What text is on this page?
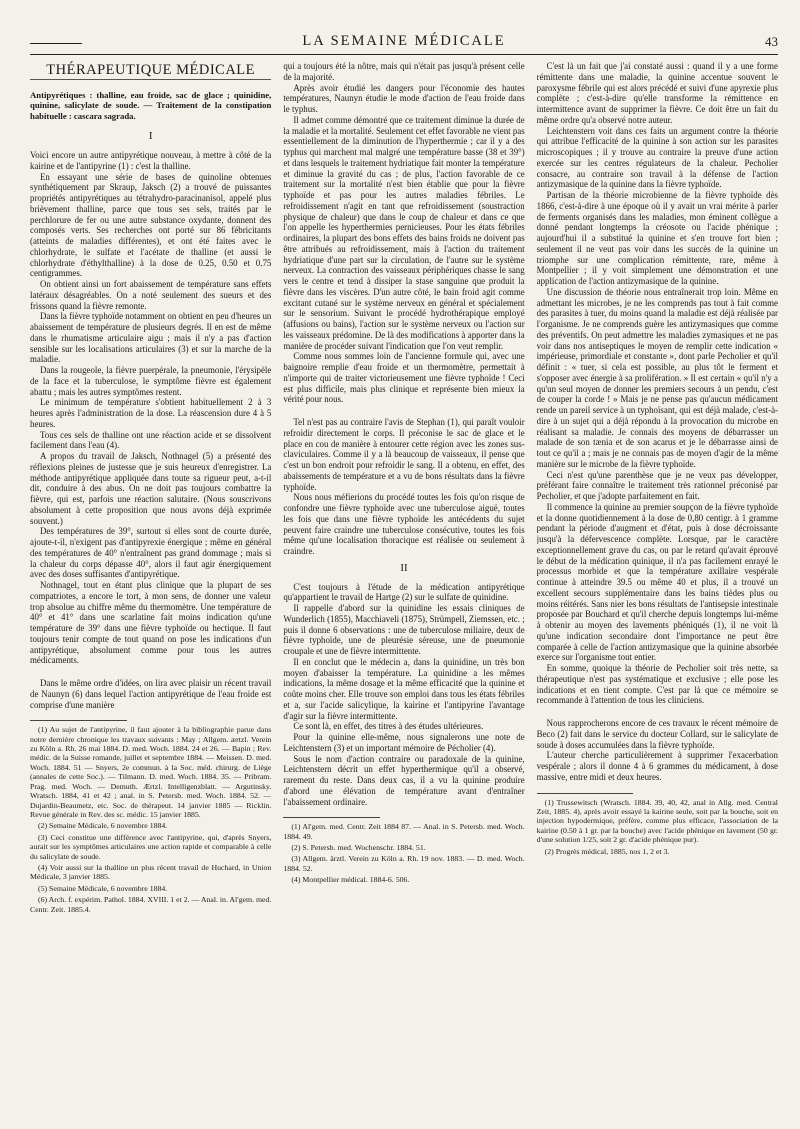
LA SEMAINE MÉDICALE	43
THÉRAPEUTIQUE MÉDICALE
Antipyrétiques : thalline, eau froide, sac de glace ; quinidine, quinine, salicylate de soude. — Traitement de la constipation habituelle : cascara sagrada.
I

Voici encore un autre antipyrétique nouveau, à mettre à côté de la kairine et de l'antipyrine (1) : c'est la thalline.

En essayant une série de bases de quinoline obtenues synthétiquement par Skraup, Jaksch (2) a trouvé de puissantes propriétés antipyrétiques au tétrahydro-paracinanisol, appelé plus brièvement thalline, parce que tous ses sels, traités par le perchlorure de fer ou une autre substance oxydante, donnent des composés verts. Ses recherches ont porté sur 86 fébricitants (atteints de maladies différentes), et ont été faites avec le chlorhydrate, le sulfate et l'acétate de thalline (et aussi le chlorhydrate d'éthylthalline) à la dose de 0.25, 0.50 et 0.75 centigrammes.

On obtient ainsi un fort abaissement de température sans effets latéraux désagréables. On a noté seulement des sueurs et des frissons quand la fièvre remonte.

Dans la fièvre typhoïde notamment on obtient en peu d'heures un abaissement de température de plusieurs degrés. Il en est de même dans le rhumatisme articulaire aigu ; mais il n'y a pas d'action sensible sur les localisations articulaires (3) et sur la marche de la maladie.

Dans la rougeole, la fièvre puerpérale, la pneumonie, l'érysipèle de la face et la tuberculose, le symptôme fièvre est également abattu ; mais les autres symptômes restent.

Le minimum de température s'obtient habituellement 2 à 3 heures après l'administration de la dose. La réascension dure 4 à 5 heures.

Tous ces sels de thalline ont une réaction acide et se dissolvent facilement dans l'eau (4).

A propos du travail de Jaksch, Nothnagel (5) a présenté des réflexions pleines de justesse que je suis heureux d'enregistrer. La méthode antipyrétique appliquée dans toute sa rigueur peut, a-t-il dit, conduire à des abus. On ne doit pas toujours combattre la fièvre, qui est, parfois une réaction salutaire. (Nous souscrivons absolument à cette proposition que nous avons déjà exprimée souvent.)

Des températures de 39°, surtout si elles sont de courte durée, ajoute-t-il, n'exigent pas d'antipyrexie énergique ; même en général des températures de 40° n'entraînent pas grand dommage ; mais si la chaleur du corps dépasse 40°, alors il faut agir énergiquement avec des doses suffisantes d'antipyrétique.

Nothnagel, tout en étant plus clinique que la plupart de ses compatriotes, a encore le tort, à mon sens, de donner une valeur trop absolue au chiffre même du thermomètre. Une température de 40° et 41° dans une scarlatine fait moins indication qu'une température de 39° dans une fièvre typhoïde ou hectique. Il faut toujours tenir compte de tout quand on pose les indications d'un antipyrétique, absolument comme pour tous les autres médicaments.

Dans le même ordre d'idées, on lira avec plaisir un récent travail de Naunyn (6) dans lequel l'action antipyrétique de l'eau froide est comprise d'une manière

(1) Au sujet de l'antipyrine, il faut ajouter à la bibliographie parue dans notre dernière chronique les travaux suivants : May ; Allgem. ærtzl. Verein zu Köln a. Rh. 26 mai 1884. D. med. Woch. 1884. 24 et 26. — Bapin ; Rev. médic. de la Suisse romande, juillet et septembre 1884. — Meissen. D. med. Woch. 1884. 51 — Snyers, 2e commun. à la Soc. méd. chirurg. de Liège (annales de cette Soc.). — Tilmann. D. med. Woch. 1884. 35. — Pribram. Prag. med. Woch. — Demuth. Ærtzl. Intelligenzblatt. — Argutinsky. Wratsch. 1884, 41 et 42 ; anal. in S. Petersb. med. Woch. 1884. 52. — Dujardin-Beaumetz, etc. Soc. de thérapeut. 14 janvier 1885 — Ricklin. Revue générale in Rev. des sc. médic. 15 janvier 1885.

(2) Semaine Médicale, 6 novembre 1884.

(3) Ceci constitue une différence avec l'antipyrine, qui, d'après Snyers, aurait sur les symptômes articulaires une action rapide et comparable à celle du salicylate de soude.

(4) Voir aussi sur la thalline un plus récent travail de Huchard, in Union Médicale, 3 janvier 1885.

(5) Semaine Médicale, 6 novembre 1884.

(6) Arch. f. expérim. Pathol. 1884. XVIII. 1 et 2. — Anal. in. Al'gem. med. Centr. Zeit. 1885.4.

qui a toujours été la nôtre, mais qui n'était pas jusqu'à présent celle de la majorité.

Après avoir étudié les dangers pour l'économie des hautes températures, Naunyn étudie le mode d'action de l'eau froide dans le typhus.

Il admet comme démontré que ce traitement diminue la durée de la maladie et la mortalité. Seulement cet effet favorable ne vient pas essentiellement de la diminution de l'hyperthermie ; car il y a des typhus qui marchent mal malgré une température basse (38 et 39°) et dans lesquels le traitement hydriatique fait monter la température et diminue la gravité du cas ; de plus, l'action favorable de ce traitement sur la mortalité n'est bien établie que pour la fièvre typhoïde et pas pour les autres maladies fébriles. Le refroidissement n'agit en tant que refroidissement (soustraction physique de chaleur) que dans le coup de chaleur et dans ce que l'on appelle les hyperthermies pernicieuses. Pour les états fébriles ordinaires, la plupart des bons effets des bains froids ne doivent pas être attribués au refroidissement, mais à l'action du traitement hydriatique d'une part sur la circulation, de l'autre sur le système nerveux. La contraction des vaisseaux périphériques chasse le sang vers le centre et tend à dissiper la stase sanguine que produit la fièvre dans les viscères. D'un autre côté, le bain froid agit comme excitant cutané sur le système nerveux en général et spécialement sur le sensorium. Suivant le procédé hydrothérapique employé (affusions ou bains), l'action sur le système nerveux ou l'action sur les vaisseaux prédomine. De là des modifications à apporter dans la manière de procéder suivant l'indication que l'on veut remplir.

Comme nous sommes loin de l'ancienne formule qui, avec une baignoire remplie d'eau froide et un thermomètre, permettait à n'importe qui de traiter victorieusement une fièvre typhoïde ! Ceci est plus difficile, mais plus clinique et représente bien mieux la vérité pour nous.

Tel n'est pas au contraire l'avis de Stephan (1), qui paraît vouloir refroidir directement le corps. Il préconise le sac de glace et le place en cou de manière à entourer cette région avec les zones sus-claviculaires. Comme il y a là beaucoup de vaisseaux, il pense que c'est un bon endroit pour refroidir le sang. Il a obtenu, en effet, des abaissements de température et a vu de bons résultats dans la fièvre typhoïde.

Nous nous méfierions du procédé toutes les fois qu'on risque de confondre une fièvre typhoïde avec une tuberculose aiguë, toutes les fois que dans une fièvre typhoïde les antécédents du sujet peuvent faire craindre une tuberculose consécutive, toutes les fois même qu'une localisation thoracique est réalisée ou seulement à craindre.

II

C'est toujours à l'étude de la médication antipyrétique qu'appartient le travail de Hartge (2) sur le sulfate de quinidine.

Il rappelle d'abord sur la quinidine les essais cliniques de Wunderlich (1855), Macchiaveli (1875), Strümpell, Ziemssen, etc. ; puis il donne 6 observations : une de tuberculose miliaire, deux de fièvre typhoïde, une de pleurésie séreuse, une de pneumonie croupale et une de fièvre intermittente.

Il en conclut que le médecin a, dans la quinidine, un très bon moyen d'abaisser la température. La quinidine a les mêmes indications, la même dosage et la même efficacité que la quinine et coûte moins cher. Elle trouve son emploi dans tous les états fébriles et a, sur l'acide salicylique, la kairine et l'antipyrine l'avantage d'agir sur la fièvre intermittente.

Ce sont là, en effet, des titres à des études ultérieures.

Pour la quinine elle-même, nous signalerons une note de Leichtenstern (3) et un important mémoire de Pécholier (4).

Sous le nom d'action contraire ou paradoxale de la quinine, Leichtenstern décrit un effet hyperthermique qu'il a observé, rarement du reste. Dans deux cas, il a vu la quinine produire d'abord une élévation de température avant d'entraîner l'abaissement ordinaire.

(1) Al'gem. med. Centr. Zeit 1884 87. — Anal. in S. Petersb. med. Woch. 1884. 49.

(2) S. Petersb. med. Wochenschr. 1884. 51.

(3) Allgem. ärztl. Verein zu Köln a. Rh. 19 nov. 1883. — D. med. Woch. 1884. 52.

(4) Montpellier médical. 1884-6. 506.

C'est là un fait que j'ai constaté aussi : quand il y a une forme rémittente dans une maladie, la quinine accentue souvent le paroxysme fébrile qui est alors précédé et suivi d'une apyrexie plus complète ; c'est-à-dire qu'elle transforme la rémittence en intermittence avant de supprimer la fièvre. Ce doit être un fait du même ordre qu'a observé notre auteur.

Leichtenstern voit dans ces faits un argument contre la théorie qui attribue l'efficacité de la quinine à son action sur les parasites microscopiques ; il y trouve au contraire la preuve d'une action exercée sur les centres régulateurs de la chaleur. Pecholier consacre, au contraire son travail à la défense de l'action antizymasique de la quinine dans la fièvre typhoïde.

Partisan de la théorie microbienne de la fièvre typhoïde dès 1866, c'est-à-dire à une époque où il y avait un vrai mérite à parler de ferments organisés dans les maladies, mon éminent collègue a donné pendant longtemps la créosote ou l'acide phénique ; aujourd'hui il a substitué la quinine et s'en trouve fort bien ; seulement il ne veut pas voir dans les succès de la quinine un triomphe sur une complication rémittente, rare, même à Montpellier ; il y voit simplement une démonstration et une application de l'action antizymasique de la quinine.

Une discussion de théorie nous entraînerait trop loin. Même en admettant les microbes, je ne les comprends pas tout à fait comme des parasites à tuer, du moins quand la maladie est déjà réalisée par l'organisme. Je ne comprends guère les antizymasiques que comme des préventifs. On peut admettre les maladies zymasiques et ne pas voir dans nos antiseptiques le moyen de remplir cette indication « impérieuse, primordiale et constante », dont parle Pecholier et qu'il définit : « tuer, si cela est possible, au plus tôt le ferment et s'opposer avec énergie à sa prolifération. » Il est certain « qu'il n'y a qu'un seul moyen de donner les premiers secours à un pendu, c'est de couper la corde ! » Mais je ne pense pas qu'aucun médicament rende un pareil service à un typhoïsant, qui est déjà malade, c'est-à-dire à un sujet qui a déjà répondu à la provocation du microbe en réalisant sa maladie. Je connais des moyens de débarrasser un malade de son tænia et de son acarus et je le débarrasse ainsi de tout ce qu'il a ; mais je ne connais pas de moyen d'agir de la même manière sur le microbe de la fièvre typhoïde.

Ceci n'est qu'une parenthèse que je ne veux pas développer, préférant faire connaître le traitement très rationnel préconisé par Pecholier, et que j'adopte parfaitement en fait.

Il commence la quinine au premier soupçon de la fièvre typhoïde et la donne quotidiennement à la dose de 0,80 centigr. à 1 gramme pendant la période d'augment et d'état, puis à dose décroissante jusqu'à la défervescence complète. Lorsque, par le caractère exceptionnellement grave du cas, ou par le retard qu'avait éprouvé le début de la médication quinique, il n'a pas facilement enrayé le processus morbide et que la température axillaire vespérale continue à atteindre 39.5 ou même 40 et plus, il a trouvé un excellent secours supplémentaire dans les bains tièdes plus ou moins réitérés. Sans nier les bons résultats de l'antisepsie intestinale proposée par Bouchard et qu'il cherche depuis longtemps lui-même à obtenir au moyen des lavements phéniqués (1), il ne voit là qu'une indication secondaire dont l'importance ne peut être comparée à celle de l'action antizymasique que la quinine absorbée exerce sur l'organisme tout entier.

En somme, quoique la théorie de Pecholier soit très nette, sa thérapeutique n'est pas systématique et exclusive ; elle pose les indications et en tient compte. C'est par là que ce mémoire se recommande à l'attention de tous les cliniciens.

Nous rapprocherons encore de ces travaux le récent mémoire de Beco (2) fait dans le service du docteur Collard, sur le salicylate de soude à doses accumulées dans la fièvre typhoïde.

L'auteur cherche particulièrement à supprimer l'exacerbation vespérale ; alors il donne 4 à 6 grammes du médicament, à dose massive, entre midi et deux heures.

(1) Trussewitsch (Wratsch. 1884. 39, 40, 42, anal in Allg. med. Central Zeit, 1885. 4), après avoir essayé la kairine seule, soit par la bouche, soit en injection hypodermique, préfère, comme plus efficace, l'association de la kairine (0.50 à 1 gr. par la bouche) avec l'acide phénique en lavement (50 gr. d'une solution 1/25, soit 2 gr. d'acide phénique pur).

(2) Progrès médical, 1885, nos 1, 2 et 3.
